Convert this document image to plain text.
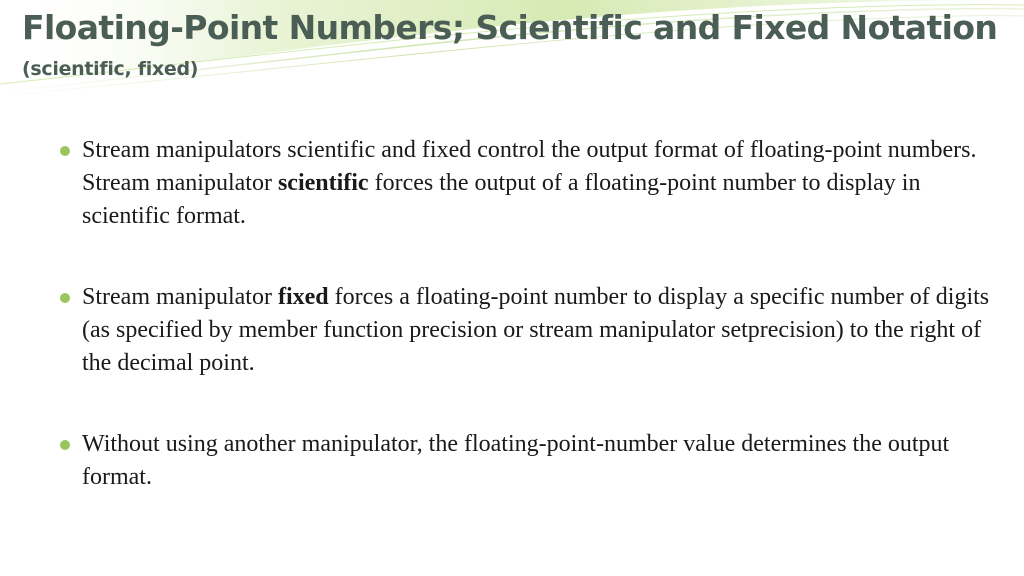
Floating-Point Numbers; Scientific and Fixed Notation
(scientific, fixed)
Stream manipulators scientific and fixed control the output format of floating-point numbers. Stream manipulator scientific forces the output of a floating-point number to display in scientific format.
Stream manipulator fixed forces a floating-point number to display a specific number of digits (as specified by member function precision or stream manipulator setprecision) to the right of the decimal point.
Without using another manipulator, the floating-point-number value determines the output format.
